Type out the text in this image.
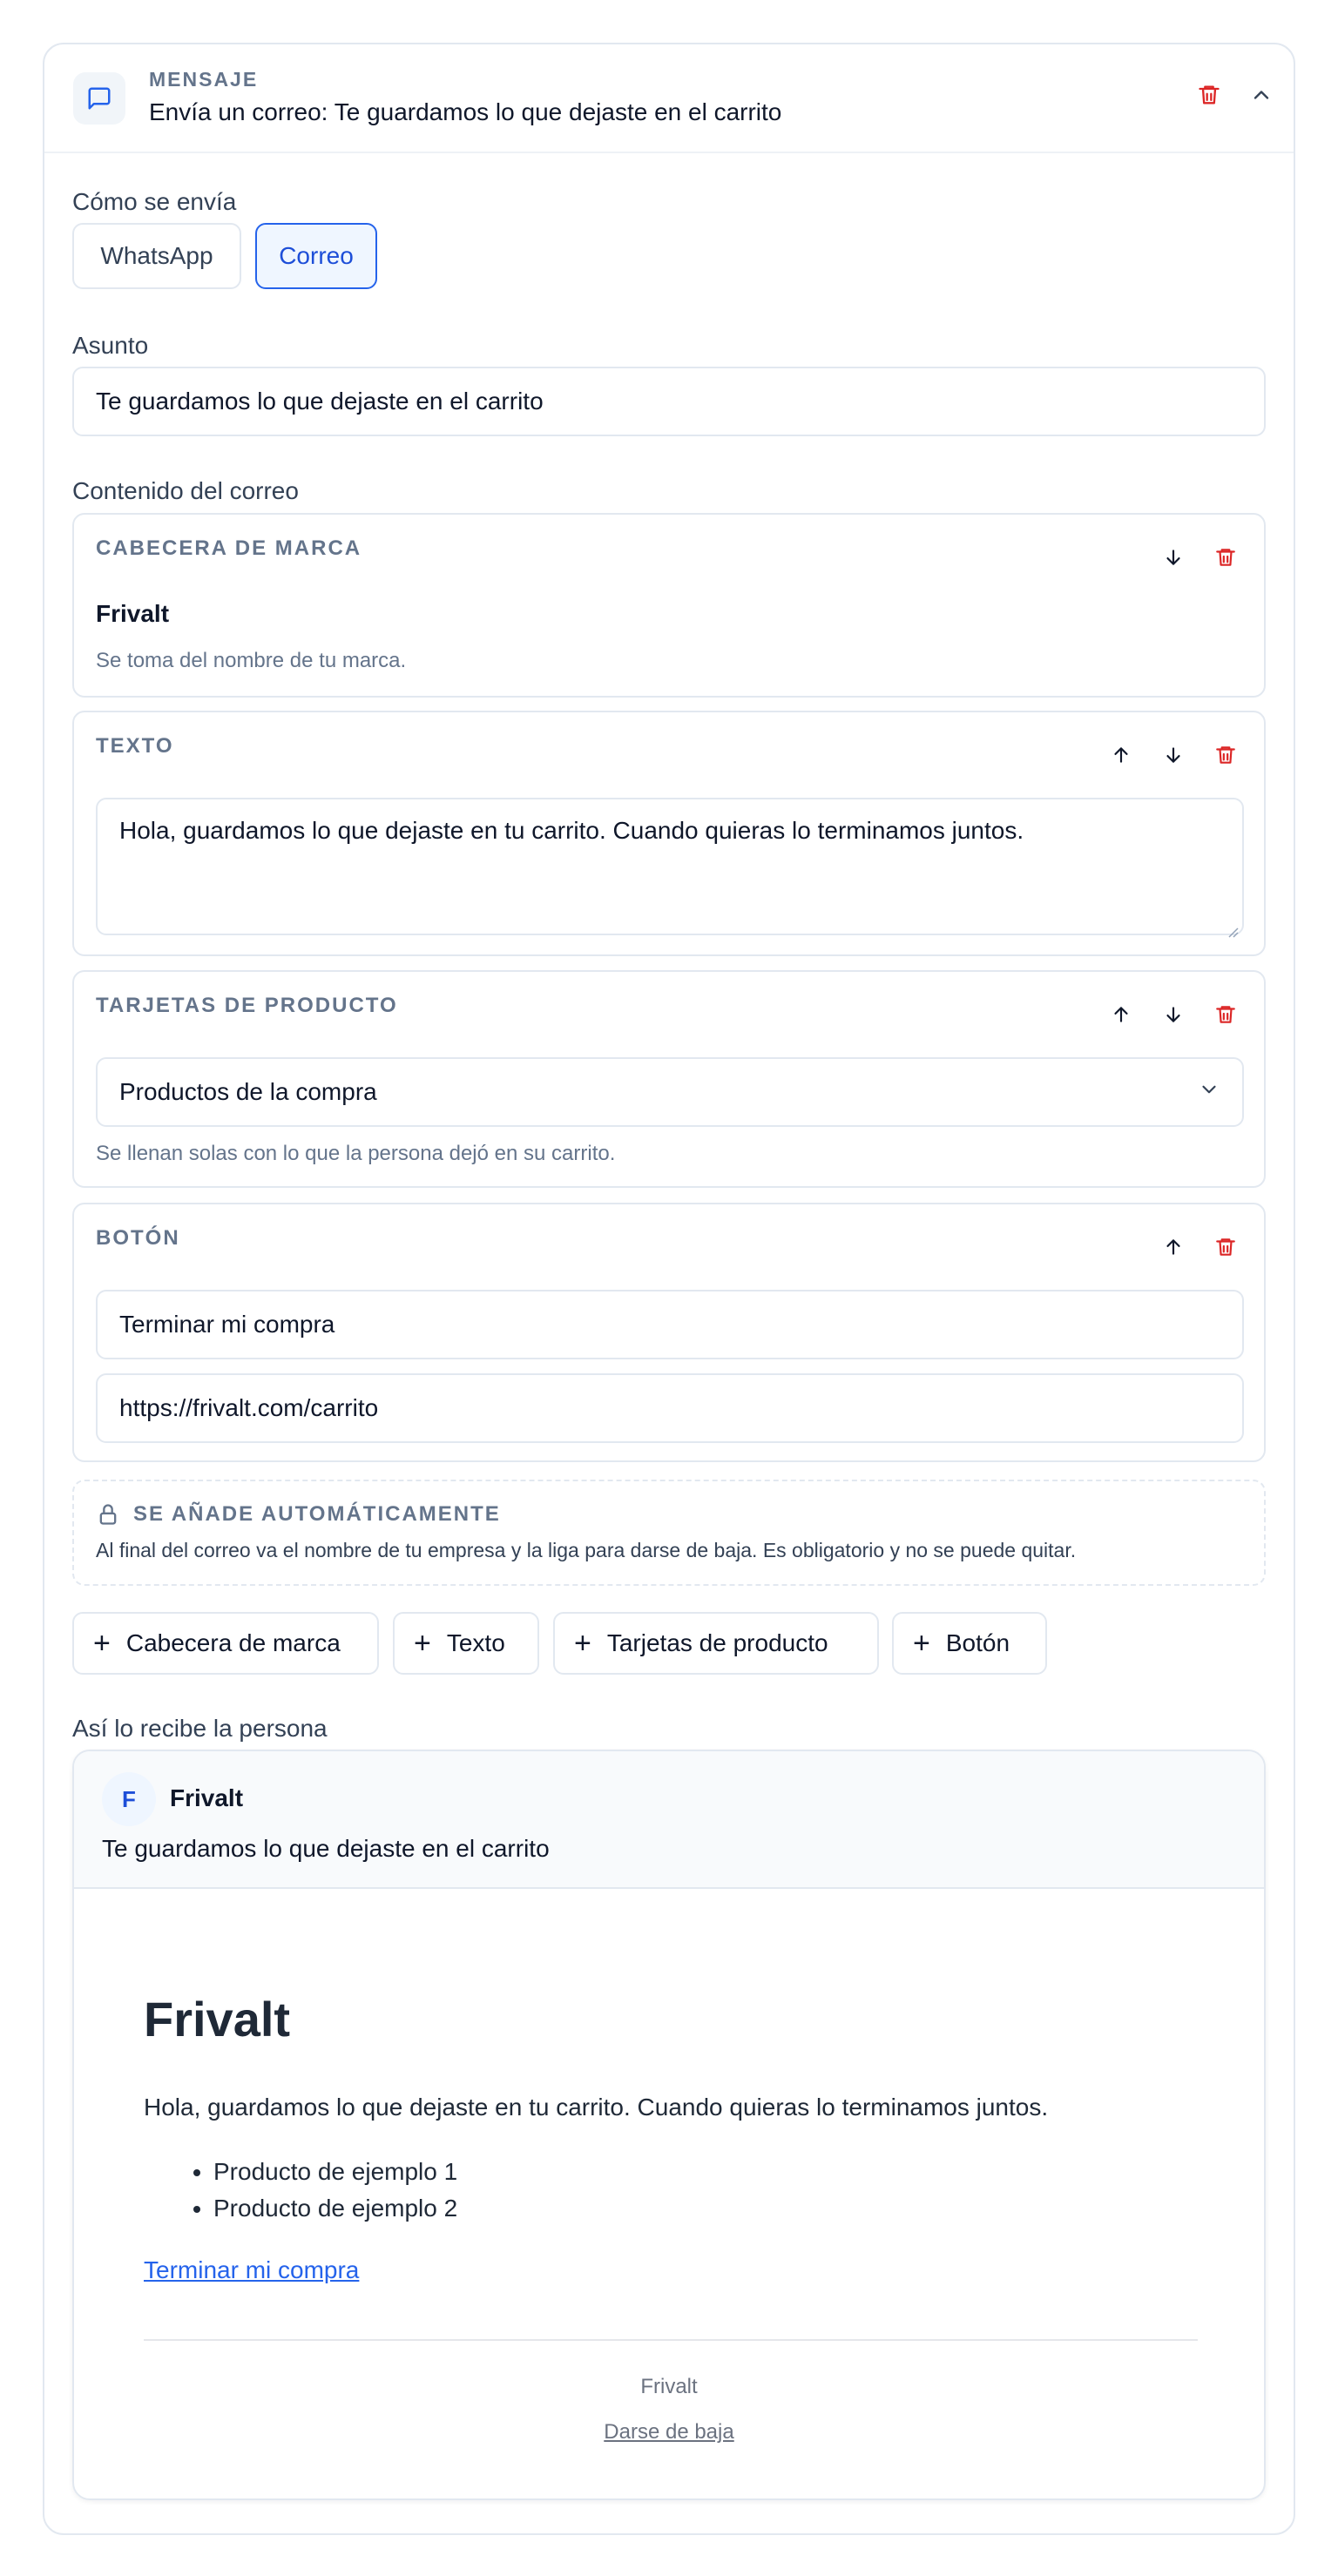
MENSAJE
Envía un correo: Te guardamos lo que dejaste en el carrito
Cómo se envía
WhatsApp	Correo
Asunto
Te guardamos lo que dejaste en el carrito
Contenido del correo
CABECERA DE MARCA
Frivalt
Se toma del nombre de tu marca.
TEXTO
Hola, guardamos lo que dejaste en tu carrito. Cuando quieras lo terminamos juntos.
TARJETAS DE PRODUCTO
Productos de la compra
Se llenan solas con lo que la persona dejó en su carrito.
BOTÓN
Terminar mi compra
https://frivalt.com/carrito
SE AÑADE AUTOMÁTICAMENTE
Al final del correo va el nombre de tu empresa y la liga para darse de baja. Es obligatorio y no se puede quitar.
+ Cabecera de marca + Texto + Tarjetas de producto	+ Botón
Así lo recibe la persona
F	Frivalt
Te guardamos lo que dejaste en el carrito
Frivalt
Hola, guardamos lo que dejaste en tu carrito. Cuando quieras lo terminamos juntos.
• Producto de ejemplo 1
• Producto de ejemplo 2
Terminar mi compra
Frivalt
Darse de baja
